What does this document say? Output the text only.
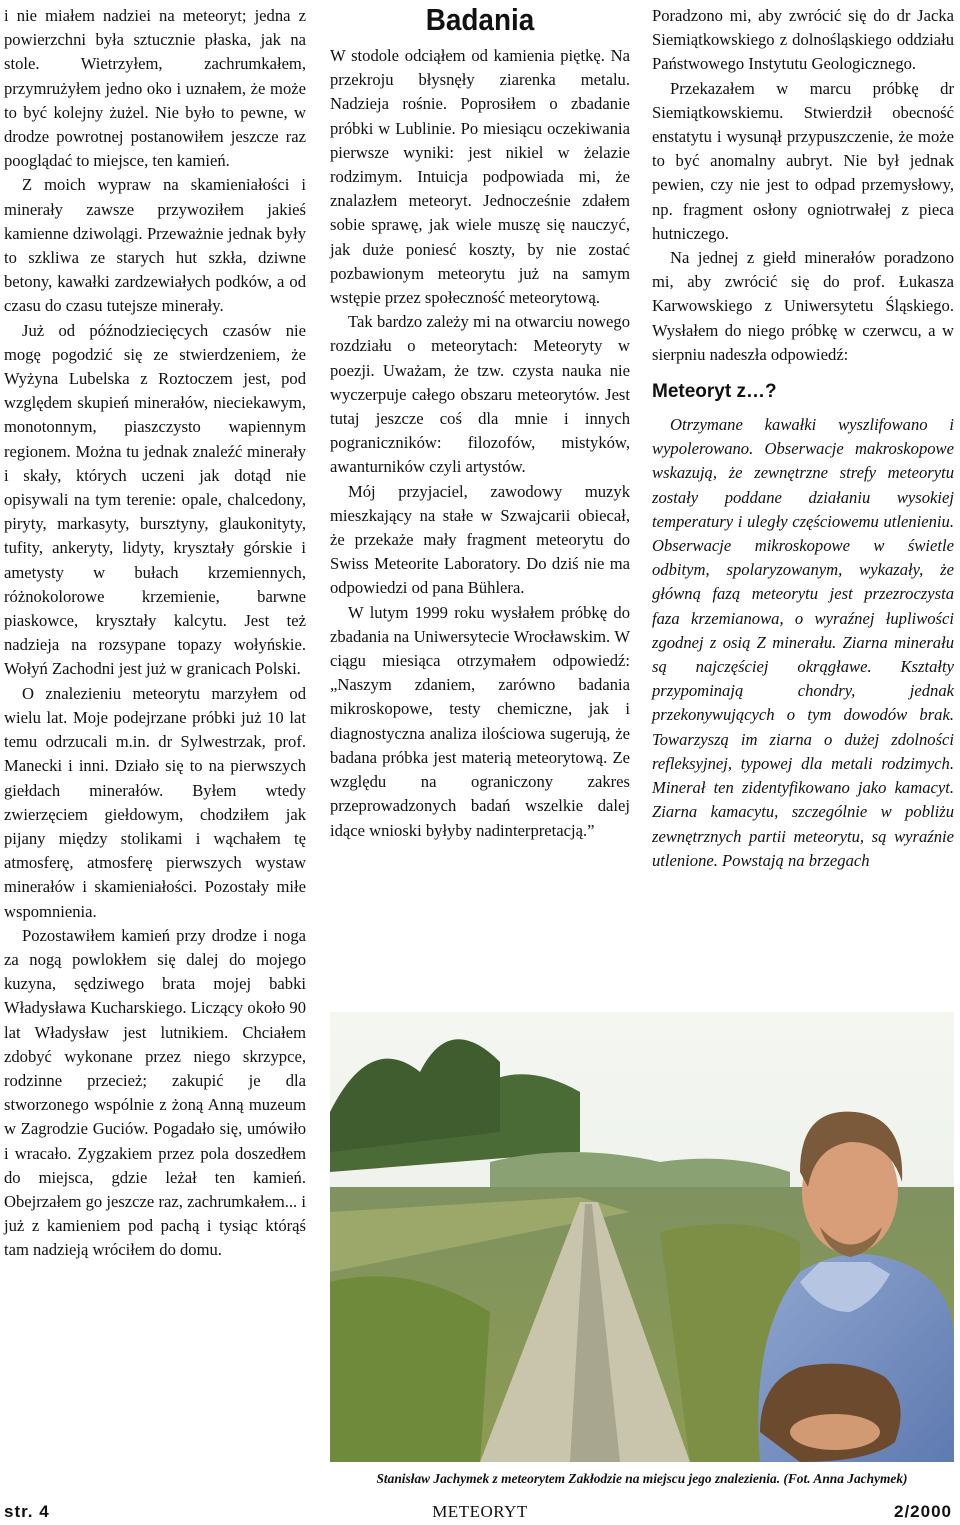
i nie miałem nadziei na meteoryt; jedna z powierzchni była sztucznie płaska, jak na stole. Wietrzyłem, zachrumkałem, przymrużyłem jedno oko i uznałem, że może to być kolejny żużel. Nie było to pewne, w drodze powrotnej postanowiłem jeszcze raz pooglądać to miejsce, ten kamień.

Z moich wypraw na skamieniałości i minerały zawsze przywoziłem jakieś kamienne dziwolągi. Przeważnie jednak były to szkliwa ze starych hut szkła, dziwne betony, kawałki zardzewiałych podków, a od czasu do czasu tutejsze minerały.

Już od późnodziecięcych czasów nie mogę pogodzić się ze stwierdzeniem, że Wyżyna Lubelska z Roztoczem jest, pod względem skupień minerałów, nieciekawym, monotonnym, piaszczysto wapiennym regionem. Można tu jednak znaleźć minerały i skały, których uczeni jak dotąd nie opisywali na tym terenie: opale, chalcedony, piryty, markasyty, bursztyny, glaukonityty, tufity, ankeryty, lidyty, kryształy górskie i ametysty w bułach krzemiennych, różnokolorowe krzemienie, barwne piaskowce, kryształy kalcytu. Jest też nadzieja na rozsypane topazy wołyńskie. Wołyń Zachodni jest już w granicach Polski.

O znalezieniu meteorytu marzyłem od wielu lat. Moje podejrzane próbki już 10 lat temu odrzucali m.in. dr Sylwestrzak, prof. Manecki i inni. Działo się to na pierwszych giełdach minerałów. Byłem wtedy zwierzęciem giełdowym, chodziłem jak pijany między stolikami i wąchałem tę atmosferę, atmosferę pierwszych wystaw minerałów i skamieniałości. Pozostały miłe wspomnienia.

Pozostawiłem kamień przy drodze i noga za nogą powlokłem się dalej do mojego kuzyna, sędziwego brata mojej babki Władysława Kucharskiego. Liczący około 90 lat Władysław jest lutnikiem. Chciałem zdobyć wykonane przez niego skrzypce, rodzinne przecież; zakupić je dla stworzonego wspólnie z żoną Anną muzeum w Zagrodzie Guciów. Pogadało się, umówiło i wracało. Zygzakiem przez pola doszedłem do miejsca, gdzie leżał ten kamień. Obejrzałem go jeszcze raz, zachrumkałem... i już z kamieniem pod pachą i tysiąc którąś tam nadzieją wróciłem do domu.

Badania

W stodole odciąłem od kamienia piętkę. Na przekroju błysnęły ziarenka metalu. Nadzieja rośnie. Poprosiłem o zbadanie próbki w Lublinie. Po miesiącu oczekiwania pierwsze wyniki: jest nikiel w żelazie rodzimym. Intuicja podpowiada mi, że znalazłem meteoryt. Jednocześnie zdałem sobie sprawę, jak wiele muszę się nauczyć, jak duże poniesć koszty, by nie zostać pozbawionym meteorytu już na samym wstępie przez społeczność meteorytową.

Tak bardzo zależy mi na otwarciu nowego rozdziału o meteorytach: Meteoryty w poezji. Uważam, że tzw. czysta nauka nie wyczerpuje całego obszaru meteorytów. Jest tutaj jeszcze coś dla mnie i innych pograniczników: filozofów, mistyków, awanturników czyli artystów.

Mój przyjaciel, zawodowy muzyk mieszkający na stałe w Szwajcarii obiecał, że przekaże mały fragment meteorytu do Swiss Meteorite Laboratory. Do dziś nie ma odpowiedzi od pana Bühlera.

W lutym 1999 roku wysłałem próbkę do zbadania na Uniwersytecie Wrocławskim. W ciągu miesiąca otrzymałem odpowiedź: „Naszym zdaniem, zarówno badania mikroskopowe, testy chemiczne, jak i diagnostyczna analiza ilościowa sugerują, że badana próbka jest materią meteorytową. Ze względu na ograniczony zakres przeprowadzonych badań wszelkie dalej idące wnioski byłyby nadinterpretacją.”

Poradzono mi, aby zwrócić się do dr Jacka Siemiątkowskiego z dolnośląskiego oddziału Państwowego Instytutu Geologicznego.

Przekazałem w marcu próbkę dr Siemiątkowskiemu. Stwierdził obecność enstatytu i wysunął przypuszczenie, że może to być anomalny aubryt. Nie był jednak pewien, czy nie jest to odpad przemysłowy, np. fragment osłony ogniotrwałej z pieca hutniczego.

Na jednej z giełd minerałów poradzono mi, aby zwrócić się do prof. Łukasza Karwowskiego z Uniwersytetu Śląskiego. Wysłałem do niego próbkę w czerwcu, a w sierpniu nadeszła odpowiedź:

Meteoryt z…?

Otrzymane kawałki wyszlifowano i wypolerowano. Obserwacje makroskopowe wskazują, że zewnętrzne strefy meteorytu zostały poddane działaniu wysokiej temperatury i uległy częściowemu utlenieniu. Obserwacje mikroskopowe w świetle odbitym, spolaryzowanym, wykazały, że główną fazą meteorytu jest przezroczysta faza krzemianowa, o wyraźnej łupliwości zgodnej z osią Z minerału. Ziarna minerału są najczęściej okrągławe. Kształty przypominają chondry, jednak przekonywujących o tym dowodów brak. Towarzyszą im ziarna o dużej zdolności refleksyjnej, typowej dla metali rodzimych. Minerał ten zidentyfikowano jako kamacyt. Ziarna kamacytu, szczególnie w pobliżu zewnętrznych partii meteorytu, są wyraźnie utlenione. Powstają na brzegach

Stanisław Jachymek z meteorytem Zakłodzie na miejscu jego znalezienia. (Fot. Anna Jachymek)
str. 4	METEORYT	2/2000
